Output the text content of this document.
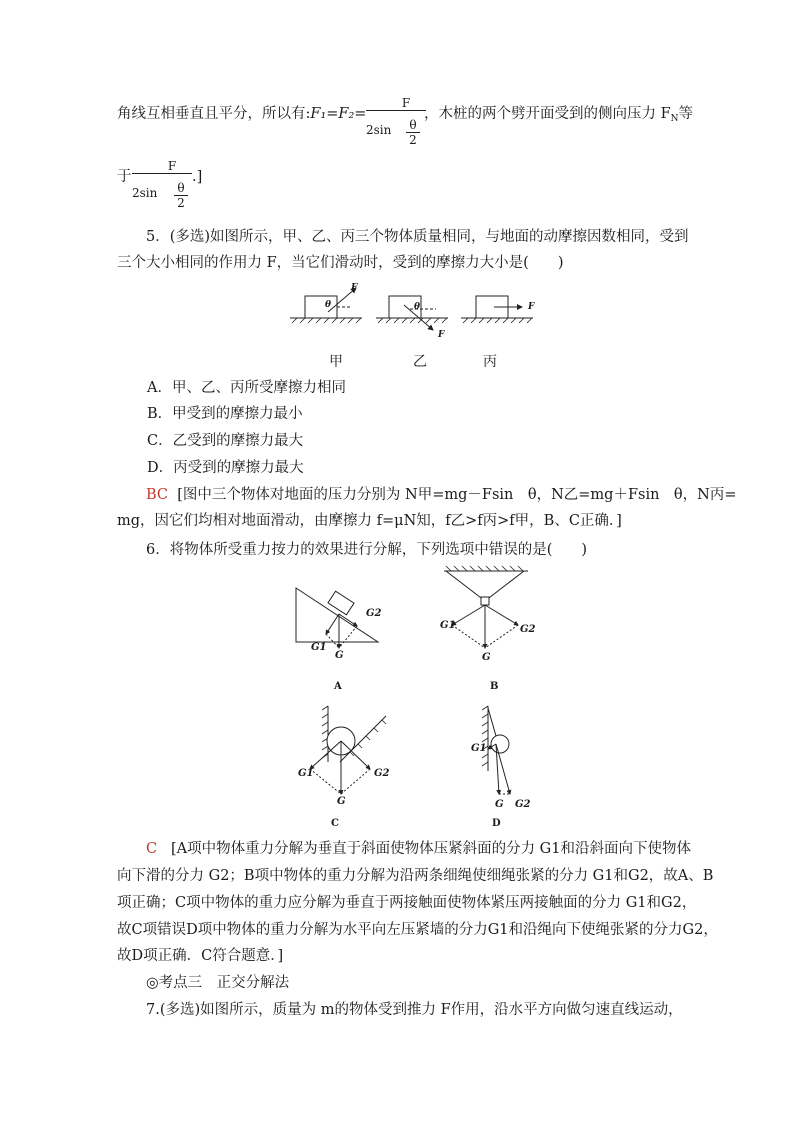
角线互相垂直且平分，所以有:F₁=F₂= $\frac{F}{2\sin}$
$\frac{\theta}{2}$
，木桩的两个劈开面受到的侧向压力 $F_N$等
于 $\frac{F}{2\sin}$
$\frac{\theta}{2}$
.]
5．(多选)如图所示，甲、乙、丙三个物体质量相同，与地面的动摩擦因数相同，受到
三个大小相同的作用力 F，当它们滑动时，受到的摩擦力大小是(　　)
F
θ	θ
F
F
甲	乙	丙
A．甲、乙、丙所受摩擦力相同
B．甲受到的摩擦力最小
C．乙受到的摩擦力最大
D．丙受到的摩擦力最大
BC [图中三个物体对地面的压力分别为 N甲=mg－Fsin　θ，N乙=mg＋Fsin　θ，N丙=
mg，因它们均相对地面滑动，由摩擦力 f=μN知，f乙>f丙>f甲，B、C正确．]
6．将物体所受重力按力的效果进行分解，下列选项中错误的是(　　)
G2
G1
G
A
G1	G2
G
B
G1	G2
G
C
G1
G G2
D
C [A项中物体重力分解为垂直于斜面使物体压紧斜面的分力 G1和沿斜面向下使物体
向下滑的分力 G2；B项中物体的重力分解为沿两条细绳使细绳张紧的分力 G1和G2，故A、B
项正确；C项中物体的重力应分解为垂直于两接触面使物体紧压两接触面的分力 G1和G2，
故C项错误D项中物体的重力分解为水平向左压紧墙的分力G1和沿绳向下使绳张紧的分力G2，
故D项正确．C符合题意．]
◎考点三　正交分解法
7.(多选)如图所示，质量为 m的物体受到推力 F作用，沿水平方向做匀速直线运动，
